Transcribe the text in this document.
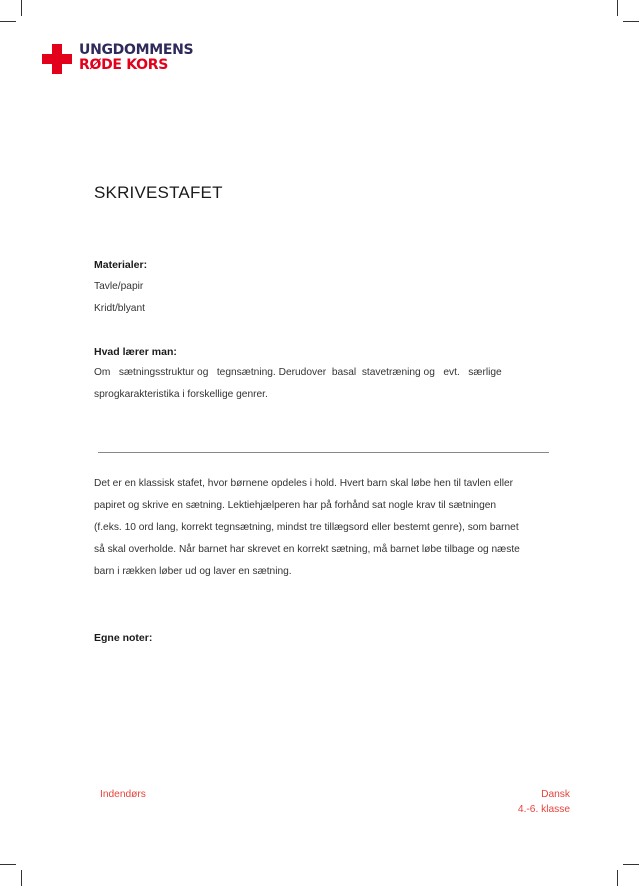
UNGDOMMENS
RØDE KORS
SKRIVESTAFET
Materialer:
Tavle/papir
Kridt/blyant
Hvad lærer man:
Om   sætningsstruktur og   tegnsætning. Derudover  basal  stavetræning og   evt.   særlige
sprogkarakteristika i forskellige genrer.
Det er en klassisk stafet, hvor børnene opdeles i hold. Hvert barn skal løbe hen til tavlen eller
papiret og skrive en sætning. Lektiehjælperen har på forhånd sat nogle krav til sætningen
(f.eks. 10 ord lang, korrekt tegnsætning, mindst tre tillægsord eller bestemt genre), som barnet
så skal overholde. Når barnet har skrevet en korrekt sætning, må barnet løbe tilbage og næste
barn i rækken løber ud og laver en sætning.
Egne noter:
Indendørs	Dansk
4.-6. klasse
